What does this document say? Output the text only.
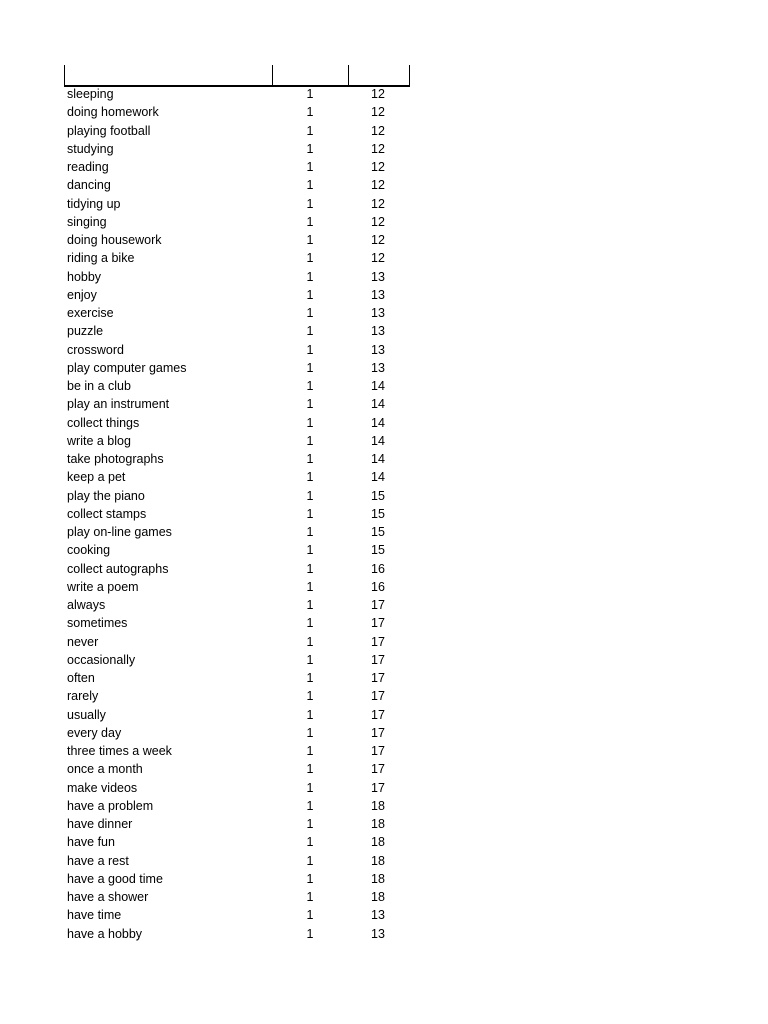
sleeping	1	12
doing homework	1	12
playing football	1	12
studying	1	12
reading	1	12
dancing	1	12
tidying up	1	12
singing	1	12
doing housework	1	12
riding a bike	1	12
hobby	1	13
enjoy	1	13
exercise	1	13
puzzle	1	13
crossword	1	13
play computer games	1	13
be in a club	1	14
play an instrument	1	14
collect things	1	14
write a blog	1	14
take photographs	1	14
keep a pet	1	14
play the piano	1	15
collect stamps	1	15
play on-line games	1	15
cooking	1	15
collect autographs	1	16
write a poem	1	16
always	1	17
sometimes	1	17
never	1	17
occasionally	1	17
often	1	17
rarely	1	17
usually	1	17
every day	1	17
three times a week	1	17
once a month	1	17
make videos	1	17
have a problem	1	18
have dinner	1	18
have fun	1	18
have a rest	1	18
have a good time	1	18
have a shower	1	18
have time	1	13
have a hobby	1	13
